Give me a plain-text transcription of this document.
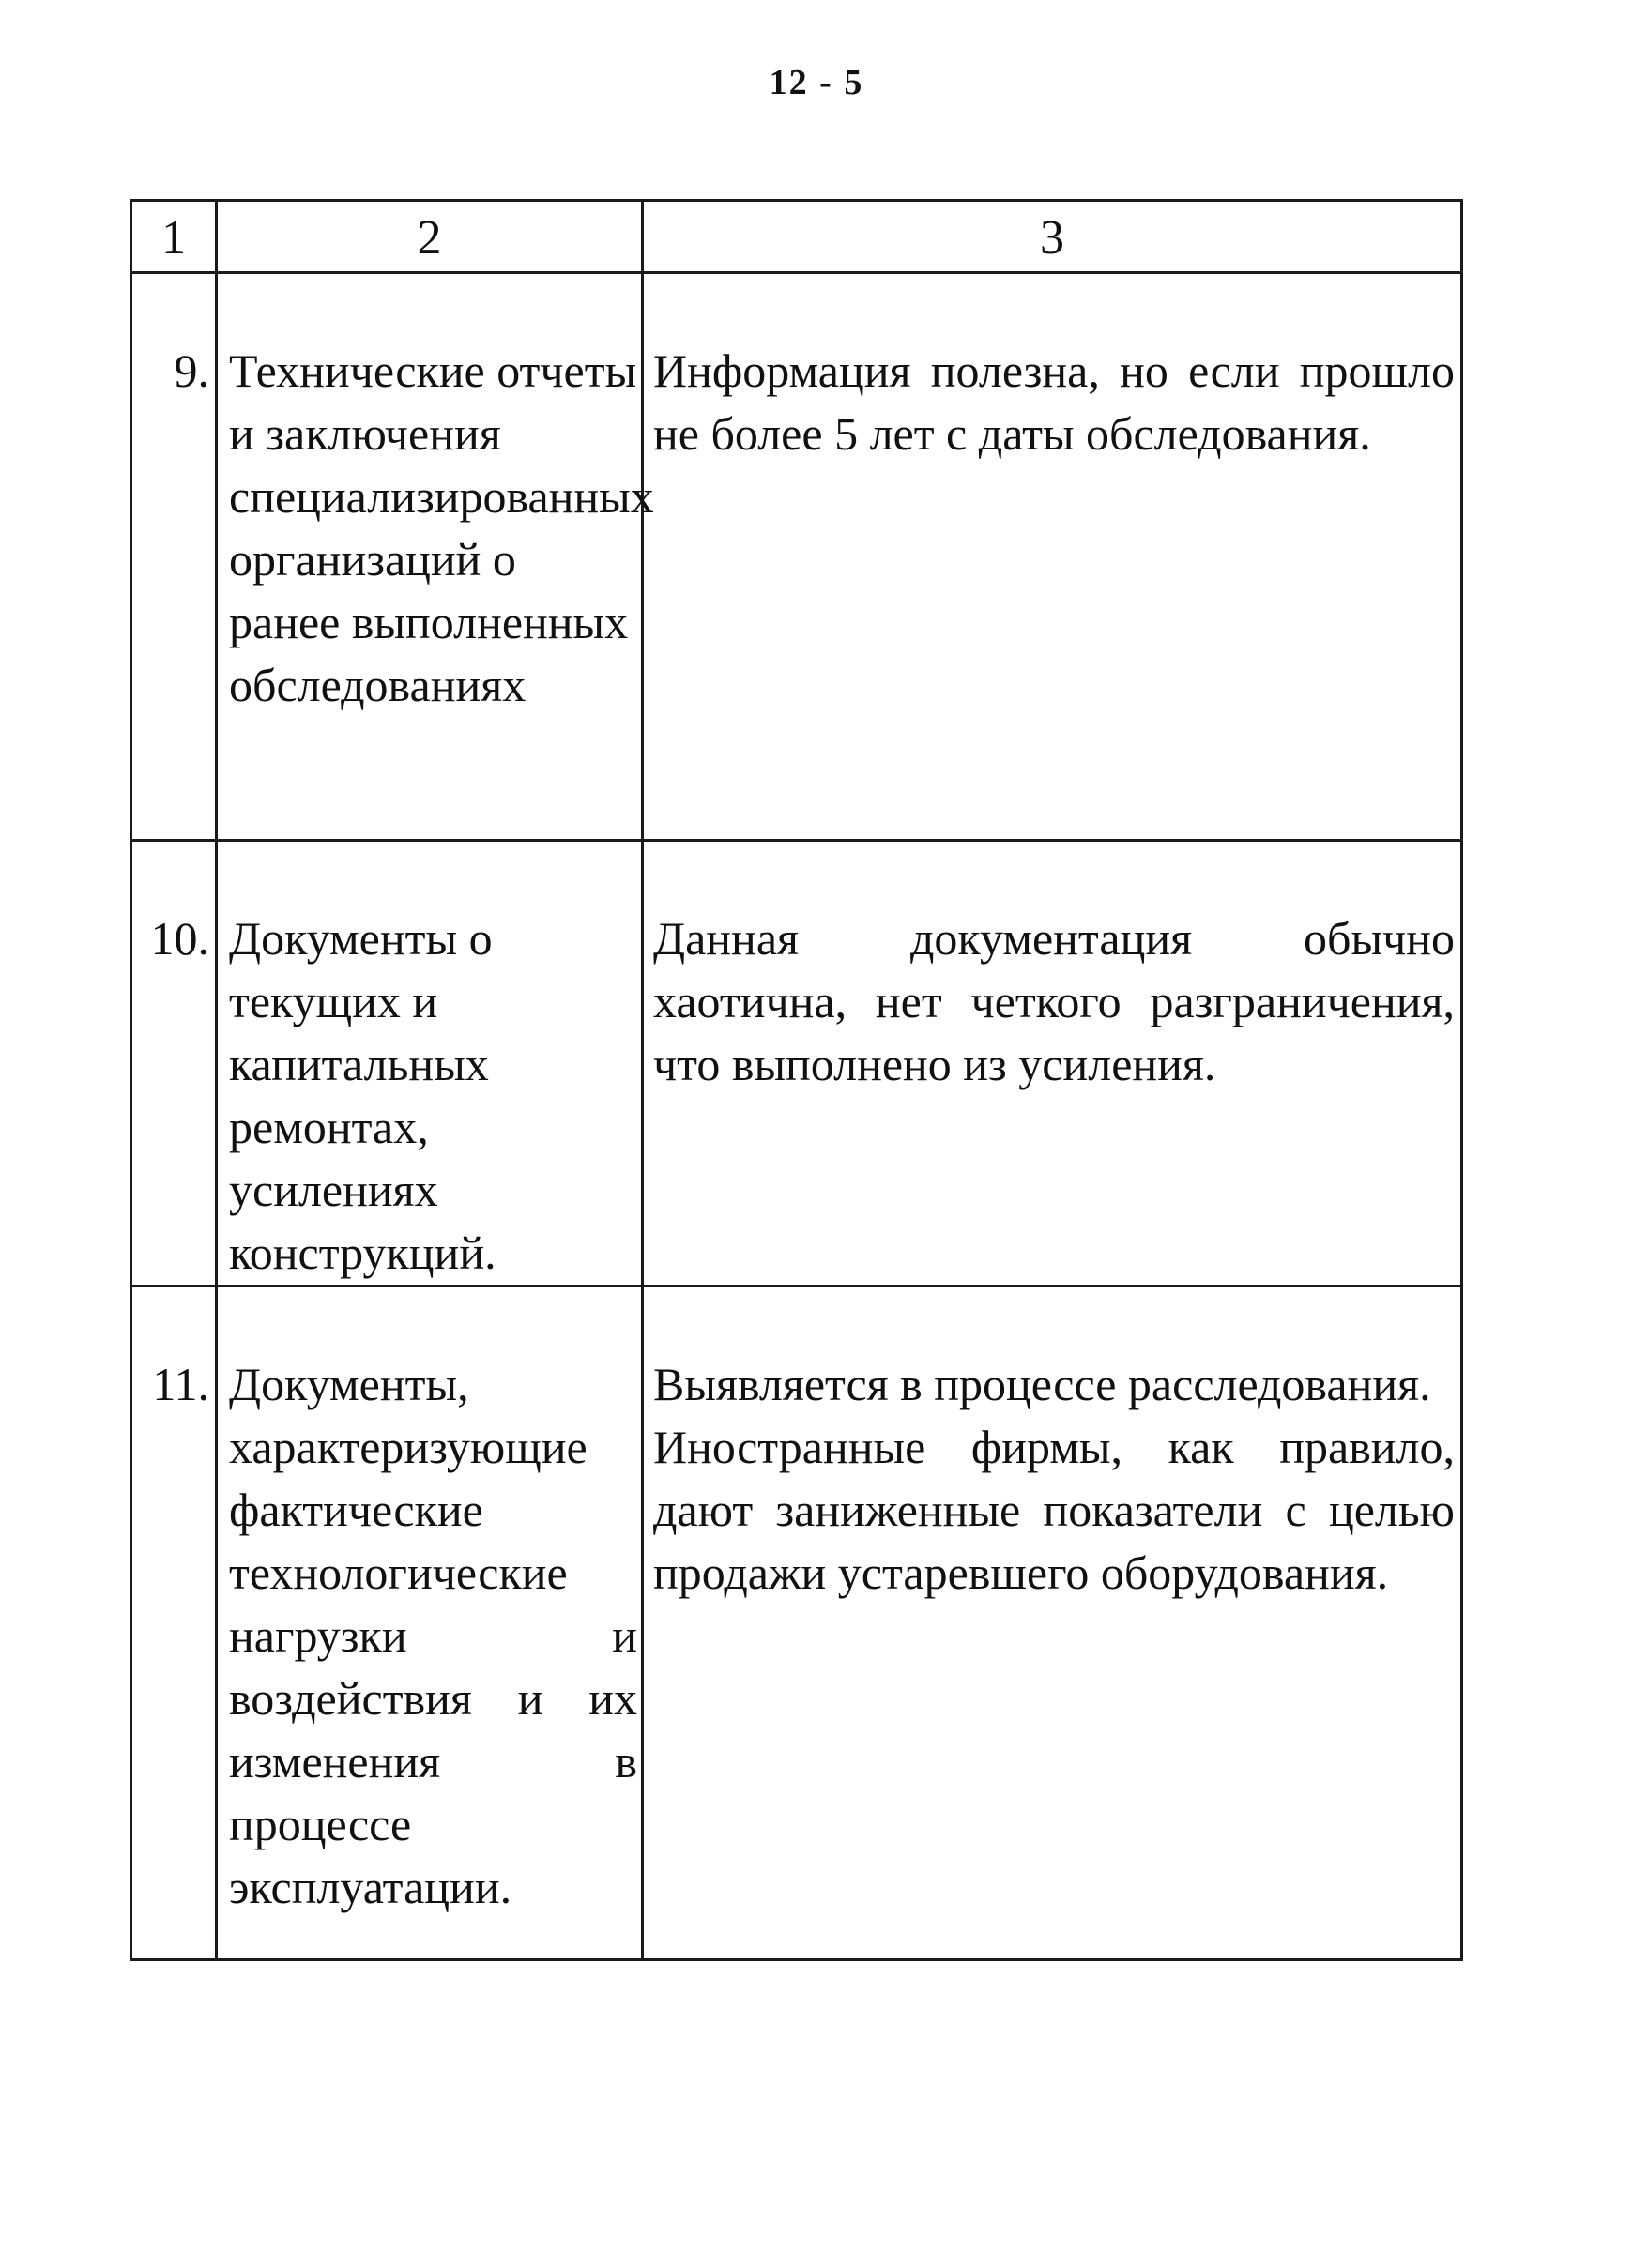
12 - 5
1	2	3
9.	Технические отчеты и заключения специализированных организаций о ранее выполненных обследованиях	Информация полезна, но если прошло не более 5 лет с даты обследования.

10.	Документы о текущих и капитальных ремонтах, усилениях конструкций.	Данная документация обычно хаотична, нет четкого разграничения, что выполнено из усиления.

11.	Документы, характеризующие фактические технологические нагрузки и воздействия и их изменения в процессе эксплуатации.	Выявляется в процессе расследования.
Иностранные фирмы, как правило, дают заниженные показатели с целью продажи устаревшего оборудования.
